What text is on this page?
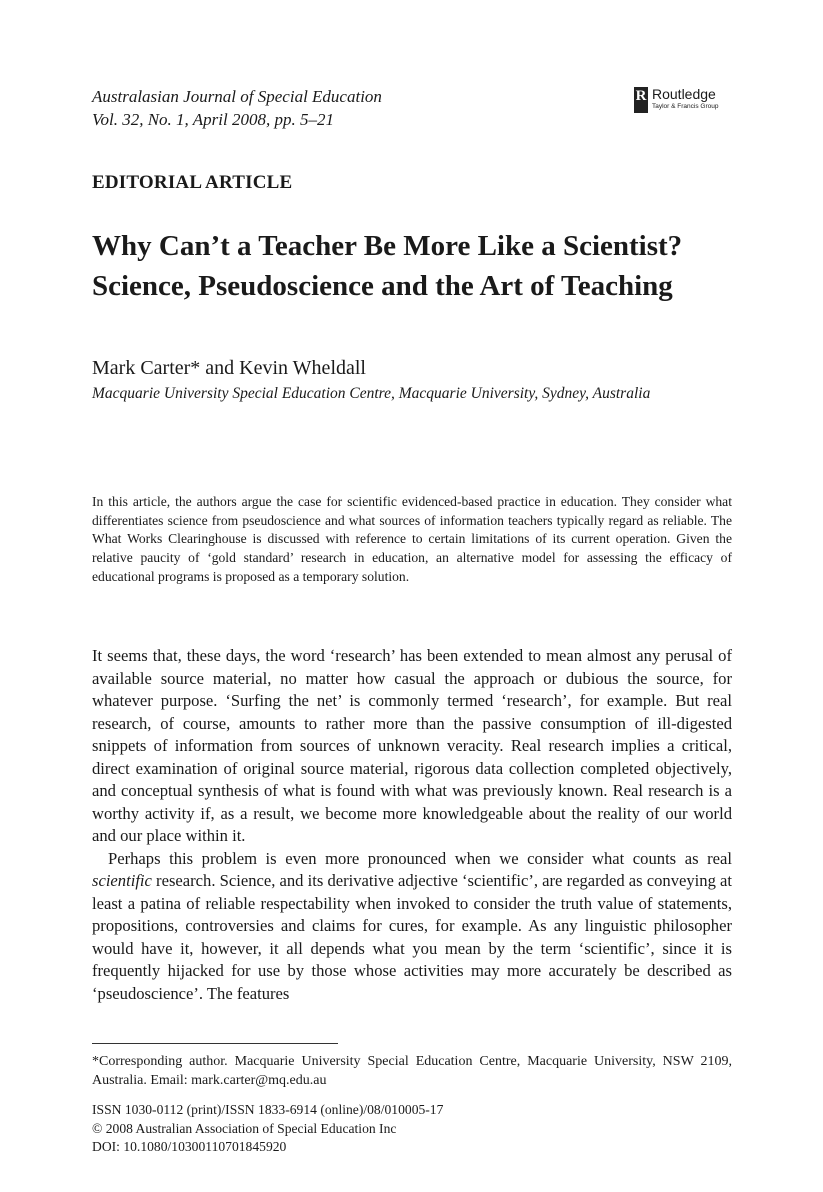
Australasian Journal of Special Education
Vol. 32, No. 1, April 2008, pp. 5–21
R Routledge
Taylor & Francis Group
EDITORIAL ARTICLE
Why Can’t a Teacher Be More Like a Scientist? Science, Pseudoscience and the Art of Teaching
Mark Carter* and Kevin Wheldall
Macquarie University Special Education Centre, Macquarie University, Sydney, Australia
In this article, the authors argue the case for scientific evidenced-based practice in education. They consider what differentiates science from pseudoscience and what sources of information teachers typically regard as reliable. The What Works Clearinghouse is discussed with reference to certain limitations of its current operation. Given the relative paucity of ‘gold standard’ research in education, an alternative model for assessing the efficacy of educational programs is proposed as a temporary solution.

It seems that, these days, the word ‘research’ has been extended to mean almost any perusal of available source material, no matter how casual the approach or dubious the source, for whatever purpose. ‘Surfing the net’ is commonly termed ‘research’, for example. But real research, of course, amounts to rather more than the passive consumption of ill-digested snippets of information from sources of unknown veracity. Real research implies a critical, direct examination of original source material, rigorous data collection completed objectively, and conceptual synthesis of what is found with what was previously known. Real research is a worthy activity if, as a result, we become more knowledgeable about the reality of our world and our place within it.

Perhaps this problem is even more pronounced when we consider what counts as real scientific research. Science, and its derivative adjective ‘scientific’, are regarded as conveying at least a patina of reliable respectability when invoked to consider the truth value of statements, propositions, controversies and claims for cures, for example. As any linguistic philosopher would have it, however, it all depends what you mean by the term ‘scientific’, since it is frequently hijacked for use by those whose activities may more accurately be described as ‘pseudoscience’. The features

*Corresponding author. Macquarie University Special Education Centre, Macquarie University, NSW 2109, Australia. Email: mark.carter@mq.edu.au
ISSN 1030-0112 (print)/ISSN 1833-6914 (online)/08/010005-17
© 2008 Australian Association of Special Education Inc
DOI: 10.1080/10300110701845920
